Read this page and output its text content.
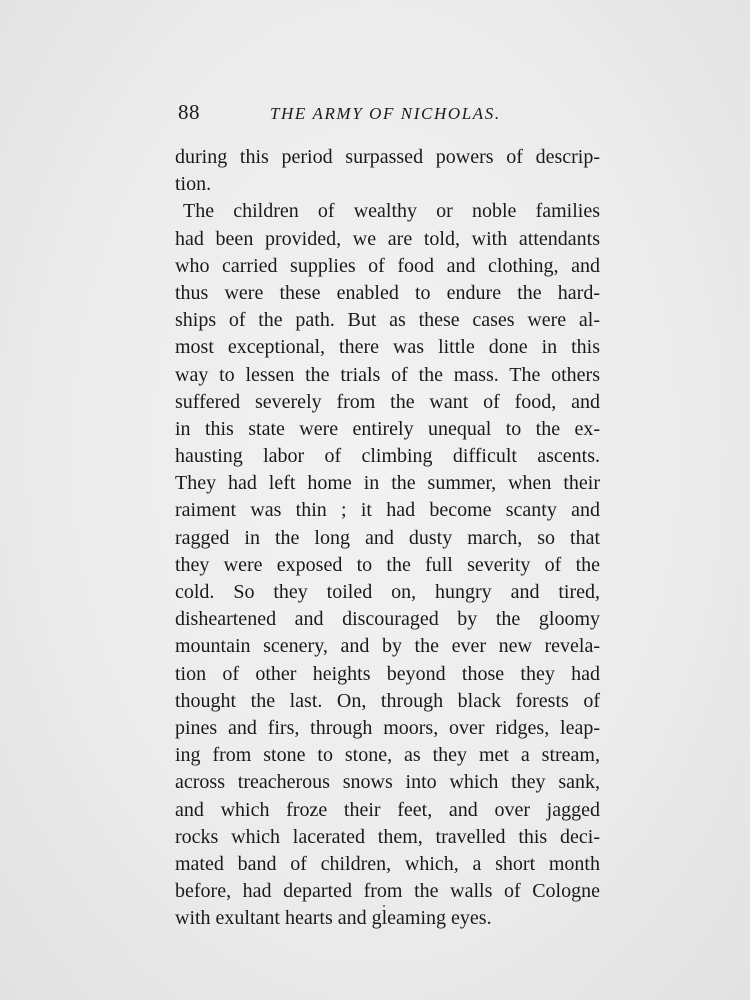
88	THE ARMY OF NICHOLAS.
during this period surpassed powers of descrip-
tion.
The children of wealthy or noble families
had been provided, we are told, with attendants
who carried supplies of food and clothing, and
thus were these enabled to endure the hard-
ships of the path. But as these cases were al-
most exceptional, there was little done in this
way to lessen the trials of the mass. The others
suffered severely from the want of food, and
in this state were entirely unequal to the ex-
hausting labor of climbing difficult ascents.
They had left home in the summer, when their
raiment was thin ; it had become scanty and
ragged in the long and dusty march, so that
they were exposed to the full severity of the
cold. So they toiled on, hungry and tired,
disheartened and discouraged by the gloomy
mountain scenery, and by the ever new revela-
tion of other heights beyond those they had
thought the last. On, through black forests of
pines and firs, through moors, over ridges, leap-
ing from stone to stone, as they met a stream,
across treacherous snows into which they sank,
and which froze their feet, and over jagged
rocks which lacerated them, travelled this deci-
mated band of children, which, a short month
before, had departed from the walls of Cologne
with exultant hearts and gleaming eyes.
